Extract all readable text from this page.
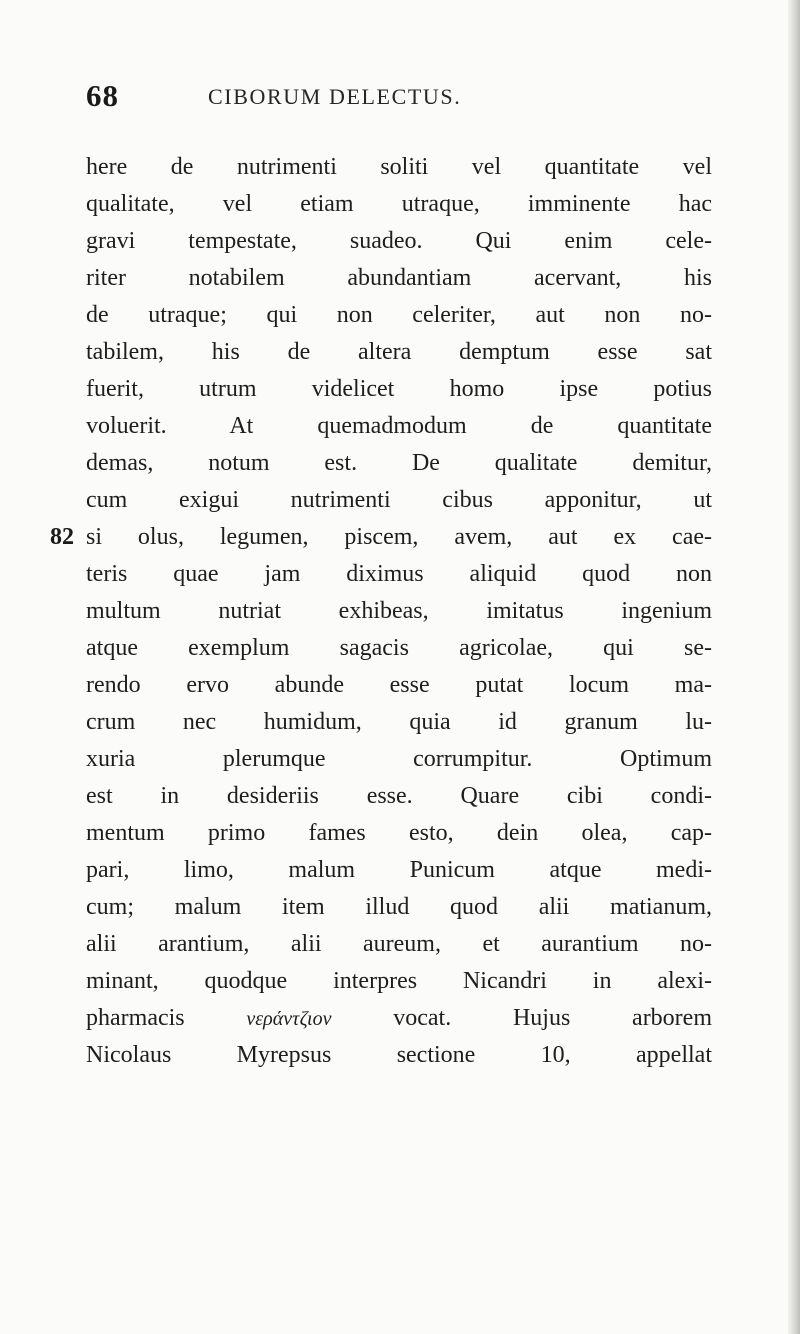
68	CIBORUM DELECTUS.
here de nutrimenti soliti vel quantitate vel
qualitate, vel etiam utraque, imminente hac
gravi tempestate, suadeo. Qui enim cele-
riter notabilem abundantiam acervant, his
de utraque; qui non celeriter, aut non no-
tabilem, his de altera demptum esse sat
fuerit, utrum videlicet homo ipse potius
voluerit. At quemadmodum de quantitate
demas, notum est. De qualitate demitur,
cum exigui nutrimenti cibus apponitur, ut
82 si olus, legumen, piscem, avem, aut ex cae-
teris quae jam diximus aliquid quod non
multum nutriat exhibeas, imitatus ingenium
atque exemplum sagacis agricolae, qui se-
rendo ervo abunde esse putat locum ma-
crum nec humidum, quia id granum lu-
xuria plerumque corrumpitur. Optimum
est in desideriis esse. Quare cibi condi-
mentum primo fames esto, dein olea, cap-
pari, limo, malum Punicum atque medi-
cum; malum item illud quod alii matianum,
alii arantium, alii aureum, et aurantium no-
minant, quodque interpres Nicandri in alexi-
pharmacis	νεράντζιον	vocat. Hujus arborem
Nicolaus Myrepsus sectione 10, appellat
